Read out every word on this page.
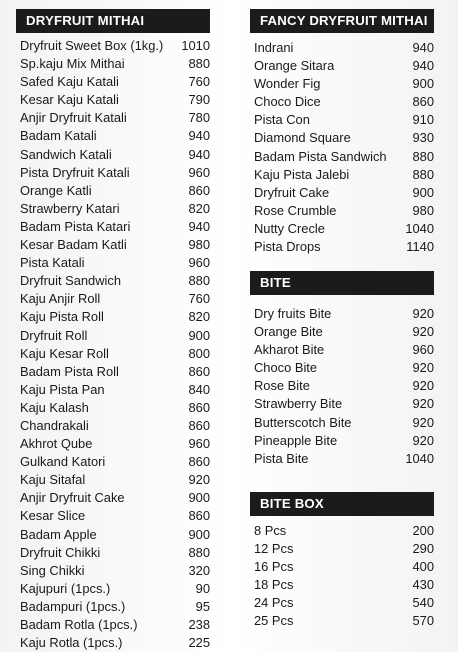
DRYFRUIT MITHAI
Dryfruit Sweet Box (1kg.)	1010
Sp.kaju Mix Mithai	880
Safed Kaju Katali	760
Kesar Kaju Katali	790
Anjir Dryfruit Katali	780
Badam Katali	940
Sandwich Katali	940
Pista Dryfruit Katali	960
Orange Katli	860
Strawberry Katari	820
Badam Pista Katari	940
Kesar Badam Katli	980
Pista Katali	960
Dryfruit Sandwich	880
Kaju Anjir Roll	760
Kaju Pista Roll	820
Dryfruit Roll	900
Kaju Kesar Roll	800
Badam Pista Roll	860
Kaju Pista Pan	840
Kaju Kalash	860
Chandrakali	860
Akhrot Qube	960
Gulkand Katori	860
Kaju Sitafal	920
Anjir Dryfruit Cake	900
Kesar Slice	860
Badam Apple	900
Dryfruit Chikki	880
Sing Chikki	320
Kajupuri (1pcs.)	90
Badampuri (1pcs.)	95
Badam Rotla (1pcs.)	238
Kaju Rotla (1pcs.)	225
FANCY DRYFRUIT MITHAI
Indrani	940
Orange Sitara	940
Wonder Fig	900
Choco Dice	860
Pista Con	910
Diamond Square	930
Badam Pista Sandwich	880
Kaju Pista Jalebi	880
Dryfruit Cake	900
Rose Crumble	980
Nutty Crecle	1040
Pista Drops	1140
BITE
Dry fruits Bite	920
Orange Bite	920
Akharot Bite	960
Choco Bite	920
Rose Bite	920
Strawberry Bite	920
Butterscotch Bite	920
Pineapple Bite	920
Pista Bite	1040
BITE BOX
8 Pcs	200
12 Pcs	290
16 Pcs	400
18 Pcs	430
24 Pcs	540
25 Pcs	570
